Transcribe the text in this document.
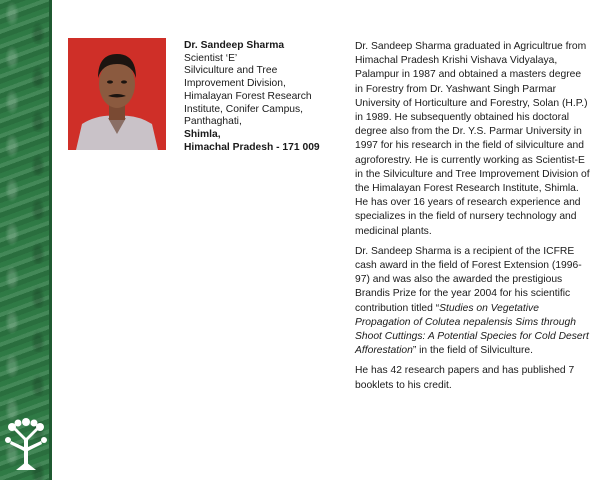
Dr. Sandeep Sharma
Scientist ‘E’
Silviculture and Tree
Improvement Division,
Himalayan Forest Research
Institute, Conifer Campus,
Panthaghati,
Shimla,
Himachal Pradesh - 171 009

Dr. Sandeep Sharma graduated in Agricultrue from Himachal Pradesh Krishi Vishava Vidyalaya, Palampur in 1987 and obtained a masters degree in Forestry from Dr. Yashwant Singh Parmar University of Horticulture and Forestry, Solan (H.P.) in 1989. He subsequently obtained his doctoral degree also from the Dr. Y.S. Parmar University in 1997 for his research in the field of silviculture and agroforestry. He is currently working as Scientist-E in the Silviculture and Tree Improvement Division of the Himalayan Forest Research Institute, Shimla. He has over 16 years of research experience and specializes in the field of nursery technology and medicinal plants.

Dr. Sandeep Sharma is a recipient of the ICFRE cash award in the field of Forest Extension (1996-97) and was also the awarded the prestigious Brandis Prize for the year 2004 for his scientific contribution titled “Studies on Vegetative Propagation of Colutea nepalensis Sims through Shoot Cuttings: A Potential Species for Cold Desert Afforestation” in the field of Silviculture.

He has 42 research papers and has published 7 booklets to his credit.
